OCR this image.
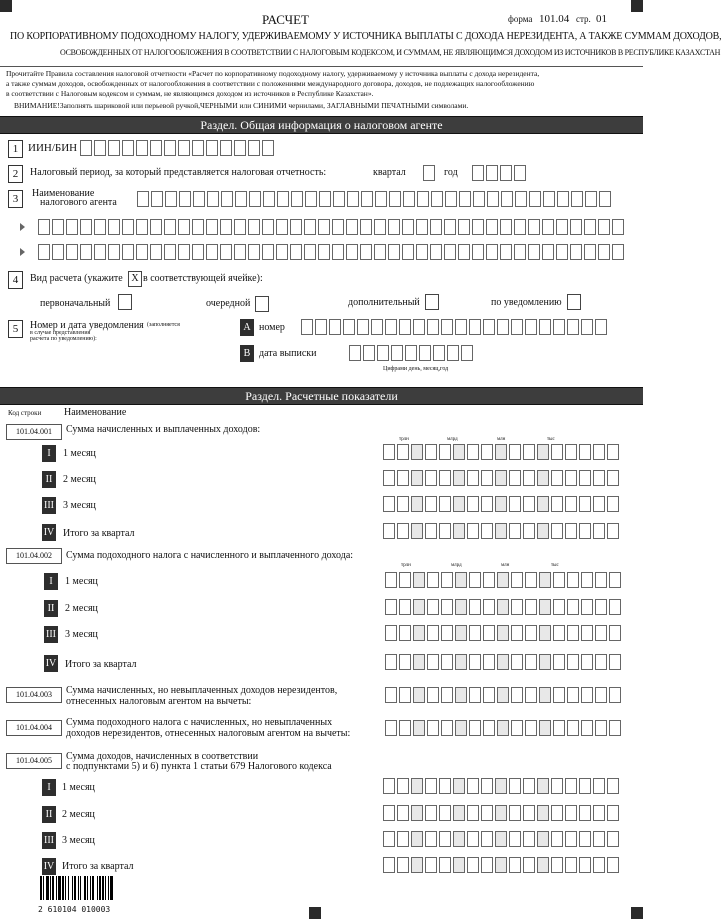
РАСЧЕТ	форма 101.04 стр. 01
ПО КОРПОРАТИВНОМУ ПОДОХОДНОМУ НАЛОГУ, УДЕРЖИВАЕМОМУ У ИСТОЧНИКА ВЫПЛАТЫ С ДОХОДА НЕРЕЗИДЕНТА, А ТАКЖЕ СУММАМ ДОХОДОВ,
ОСВОБОЖДЕННЫХ ОТ НАЛОГООБЛОЖЕНИЯ В СООТВЕТСТВИИ С НАЛОГОВЫМ КОДЕКСОМ, И СУММАМ, НЕ ЯВЛЯЮЩИМСЯ ДОХОДОМ ИЗ ИСТОЧНИКОВ В РЕСПУБЛИКЕ КАЗАХСТАН
Прочитайте Правила составления налоговой отчетности «Расчет по корпоративному подоходному налогу, удерживаемому у источника выплаты с дохода нерезидента,
а также суммам доходов, освобожденных от налогообложения в соответствии с положениями международного договора, доходов, не подлежащих налогообложению
в соответствии с Налоговым кодексом и суммам, не являющимся доходом из источников в Республике Казахстан».
ВНИМАНИЕ!Заполнять шариковой или перьевой ручкой,ЧЕРНЫМИ или СИНИМИ чернилами, ЗАГЛАВНЫМИ ПЕЧАТНЫМИ символами.
Раздел. Общая информация о налоговом агенте
1 ИИН/БИН
2	Налоговый период, за который представляется налоговая отчетность:	квартал	год
3	Наименование
налогового агента
4	Вид расчета (укажите X в соответствующей ячейке):
первоначальный	очередной	дополнительный	по уведомлению
5	Номер и дата уведомления (заполняется
в случае представления
расчета по уведомлению):
A номер
B дата выписки
Цифрами день, месяц,год
Раздел. Расчетные показатели
Код строки Наименование
101.04.001	Сумма начисленных и выплаченных доходов:
трлн	млрд	млн	тыс
I	1 месяц
II	2 месяц
III 3 месяц
IV Итого за квартал
101.04.002	Сумма подоходного налога с начисленного и выплаченного дохода:
трлн	млрд	млн	тыс
I	1 месяц
II	2 месяц
III 3 месяц
IV Итого за квартал
101.04.003	Сумма начисленных, но невыплаченных доходов нерезидентов,
отнесенных налоговым агентом на вычеты:
101.04.004	Сумма подоходного налога с начисленных, но невыплаченных
доходов нерезидентов, отнесенных налоговым агентом на вычеты:
101.04.005	Сумма доходов, начисленных в соответствии
с подпунктами 5) и 6) пункта 1 статьи 679 Налогового кодекса
I	1 месяц
II 2 месяц
III 3 месяц
IV Итого за квартал
2 610104 010003
